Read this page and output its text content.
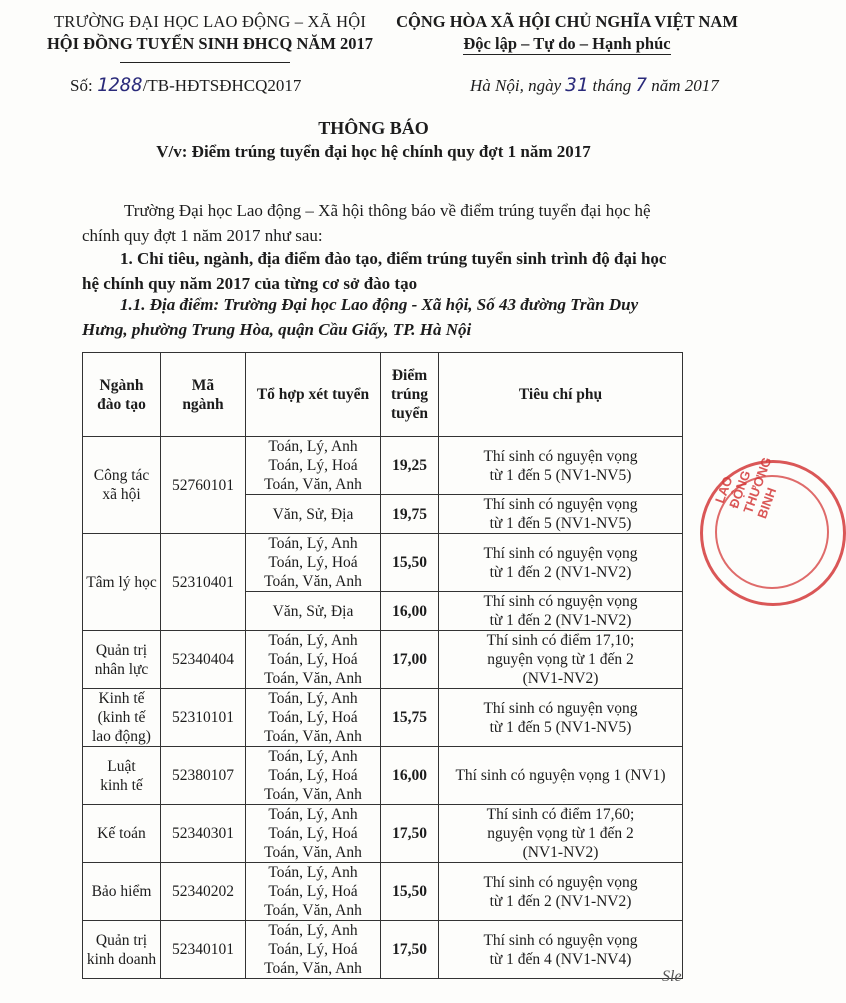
TRƯỜNG ĐẠI HỌC LAO ĐỘNG – XÃ HỘI
HỘI ĐỒNG TUYỂN SINH ĐHCQ NĂM 2017
CỘNG HÒA XÃ HỘI CHỦ NGHĨA VIỆT NAM
Độc lập – Tự do – Hạnh phúc
Số: 1288/TB-HĐTSĐHCQ2017	Hà Nội, ngày 31 tháng 7 năm 2017
THÔNG BÁO
V/v: Điểm trúng tuyển đại học hệ chính quy đợt 1 năm 2017
Trường Đại học Lao động – Xã hội thông báo về điểm trúng tuyển đại học hệ
chính quy đợt 1 năm 2017 như sau:
1. Chỉ tiêu, ngành, địa điểm đào tạo, điểm trúng tuyển sinh trình độ đại học
hệ chính quy năm 2017 của từng cơ sở đào tạo
1.1. Địa điểm: Trường Đại học Lao động - Xã hội, Số 43 đường Trần Duy
Hưng, phường Trung Hòa, quận Cầu Giấy, TP. Hà Nội
Ngành
đào tạo	Mã
ngành	Tổ hợp xét tuyển	Điểm
trúng
tuyển	Tiêu chí phụ
Công tác
xã hội	52760101	Toán, Lý, Anh
Toán, Lý, Hoá
Toán, Văn, Anh	19,25	Thí sinh có nguyện vọng
từ 1 đến 5 (NV1-NV5)
		Văn, Sử, Địa	19,75	Thí sinh có nguyện vọng
từ 1 đến 5 (NV1-NV5)
Tâm lý học	52310401	Toán, Lý, Anh
Toán, Lý, Hoá
Toán, Văn, Anh	15,50	Thí sinh có nguyện vọng
từ 1 đến 2 (NV1-NV2)
		Văn, Sử, Địa	16,00	Thí sinh có nguyện vọng
từ 1 đến 2 (NV1-NV2)
Quản trị
nhân lực	52340404	Toán, Lý, Anh
Toán, Lý, Hoá
Toán, Văn, Anh	17,00	Thí sinh có điểm 17,10;
nguyện vọng từ 1 đến 2
(NV1-NV2)
Kinh tế
(kinh tế
lao động)	52310101	Toán, Lý, Anh
Toán, Lý, Hoá
Toán, Văn, Anh	15,75	Thí sinh có nguyện vọng
từ 1 đến 5 (NV1-NV5)
Luật
kinh tế	52380107	Toán, Lý, Anh
Toán, Lý, Hoá
Toán, Văn, Anh	16,00	Thí sinh có nguyện vọng 1 (NV1)
Kế toán	52340301	Toán, Lý, Anh
Toán, Lý, Hoá
Toán, Văn, Anh	17,50	Thí sinh có điểm 17,60;
nguyện vọng từ 1 đến 2
(NV1-NV2)
Bảo hiểm	52340202	Toán, Lý, Anh
Toán, Lý, Hoá
Toán, Văn, Anh	15,50	Thí sinh có nguyện vọng
từ 1 đến 2 (NV1-NV2)
Quản trị
kinh doanh	52340101	Toán, Lý, Anh
Toán, Lý, Hoá
Toán, Văn, Anh	17,50	Thí sinh có nguyện vọng
từ 1 đến 4 (NV1-NV4)
LAO ĐỘNG THƯƠNG BINH
Sle
